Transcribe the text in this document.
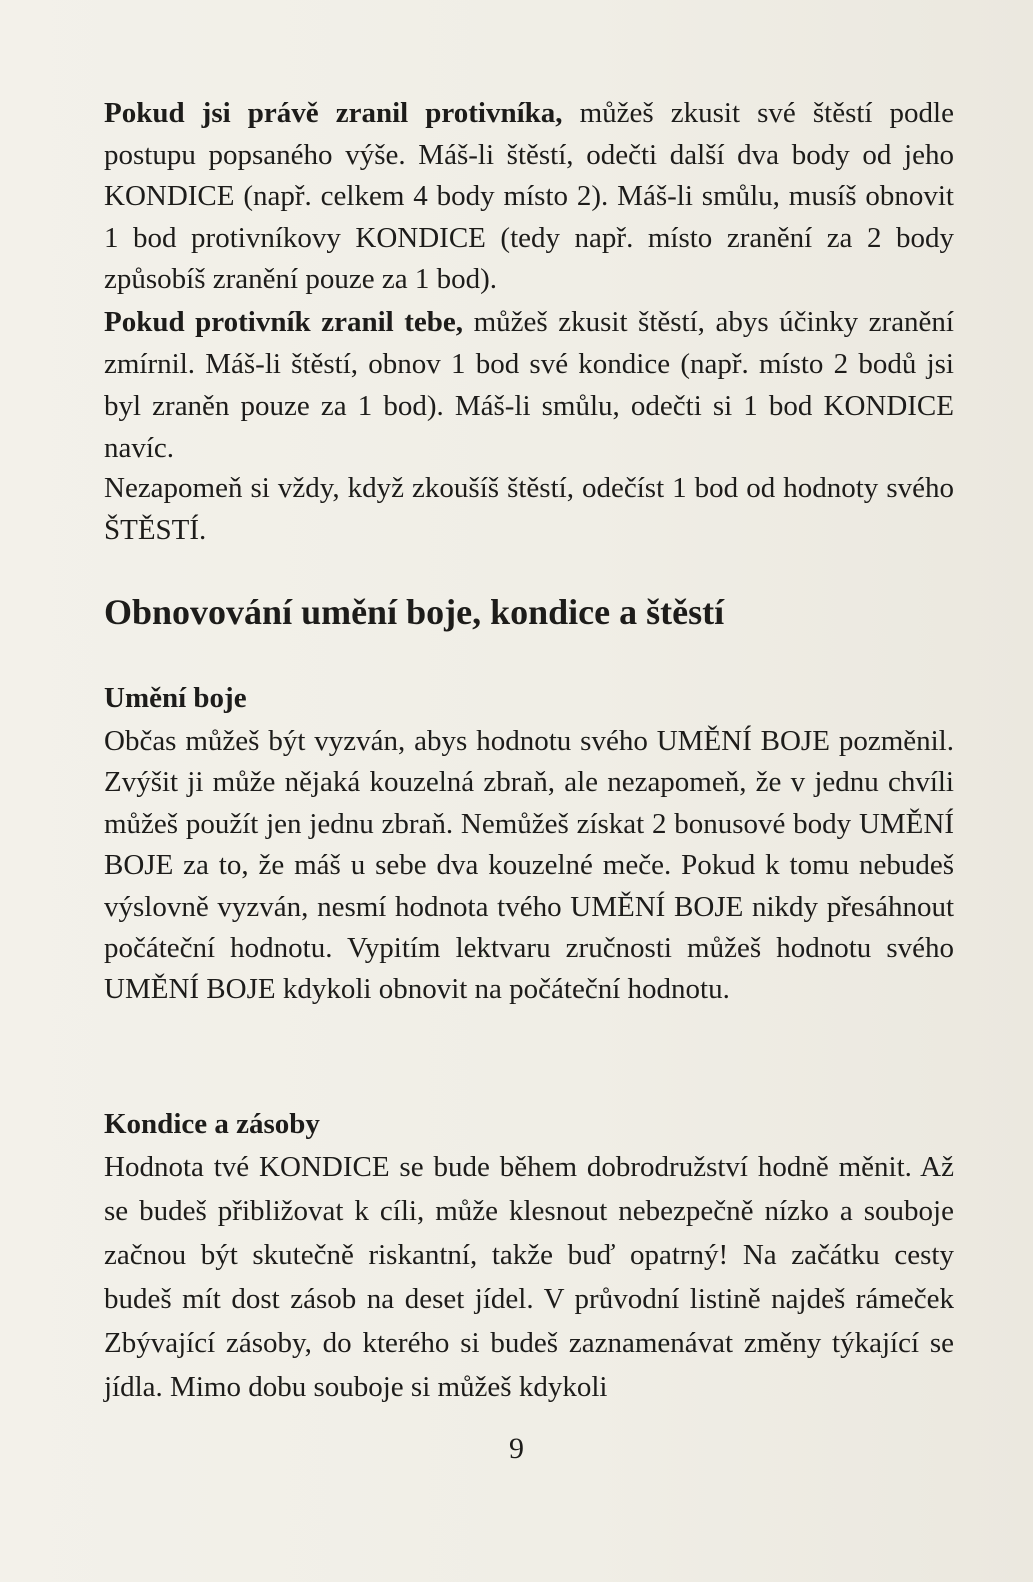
Pokud jsi právě zranil protivníka, můžeš zkusit své štěstí podle postupu popsaného výše. Máš-li štěstí, odečti další dva body od jeho KONDICE (např. celkem 4 body místo 2). Máš-li smůlu, musíš obnovit 1 bod protivníkovy KONDICE (tedy např. místo zranění za 2 body způsobíš zranění pouze za 1 bod).

Pokud protivník zranil tebe, můžeš zkusit štěstí, abys účinky zranění zmírnil. Máš-li štěstí, obnov 1 bod své kondice (např. místo 2 bodů jsi byl zraněn pouze za 1 bod). Máš-li smůlu, odečti si 1 bod KONDICE navíc.

Nezapomeň si vždy, když zkoušíš štěstí, odečíst 1 bod od hodnoty svého ŠTĚSTÍ.

Obnovování umění boje, kondice a štěstí
Umění boje

Občas můžeš být vyzván, abys hodnotu svého UMĚNÍ BOJE pozměnil. Zvýšit ji může nějaká kouzelná zbraň, ale nezapomeň, že v jednu chvíli můžeš použít jen jednu zbraň. Nemůžeš získat 2 bonusové body UMĚNÍ BOJE za to, že máš u sebe dva kouzelné meče. Pokud k tomu nebudeš výslovně vyzván, nesmí hodnota tvého UMĚNÍ BOJE nikdy přesáhnout počáteční hodnotu. Vypitím lektvaru zručnosti můžeš hodnotu svého UMĚNÍ BOJE kdykoli obnovit na počáteční hodnotu.

Kondice a zásoby

Hodnota tvé KONDICE se bude během dobrodružství hodně měnit. Až se budeš přibližovat k cíli, může klesnout nebezpečně nízko a souboje začnou být skutečně riskantní, takže buď opatrný! Na začátku cesty budeš mít dost zásob na deset jídel. V průvodní listině najdeš rámeček Zbývající zásoby, do kterého si budeš zaznamenávat změny týkající se jídla. Mimo dobu souboje si můžeš kdykoli

9
